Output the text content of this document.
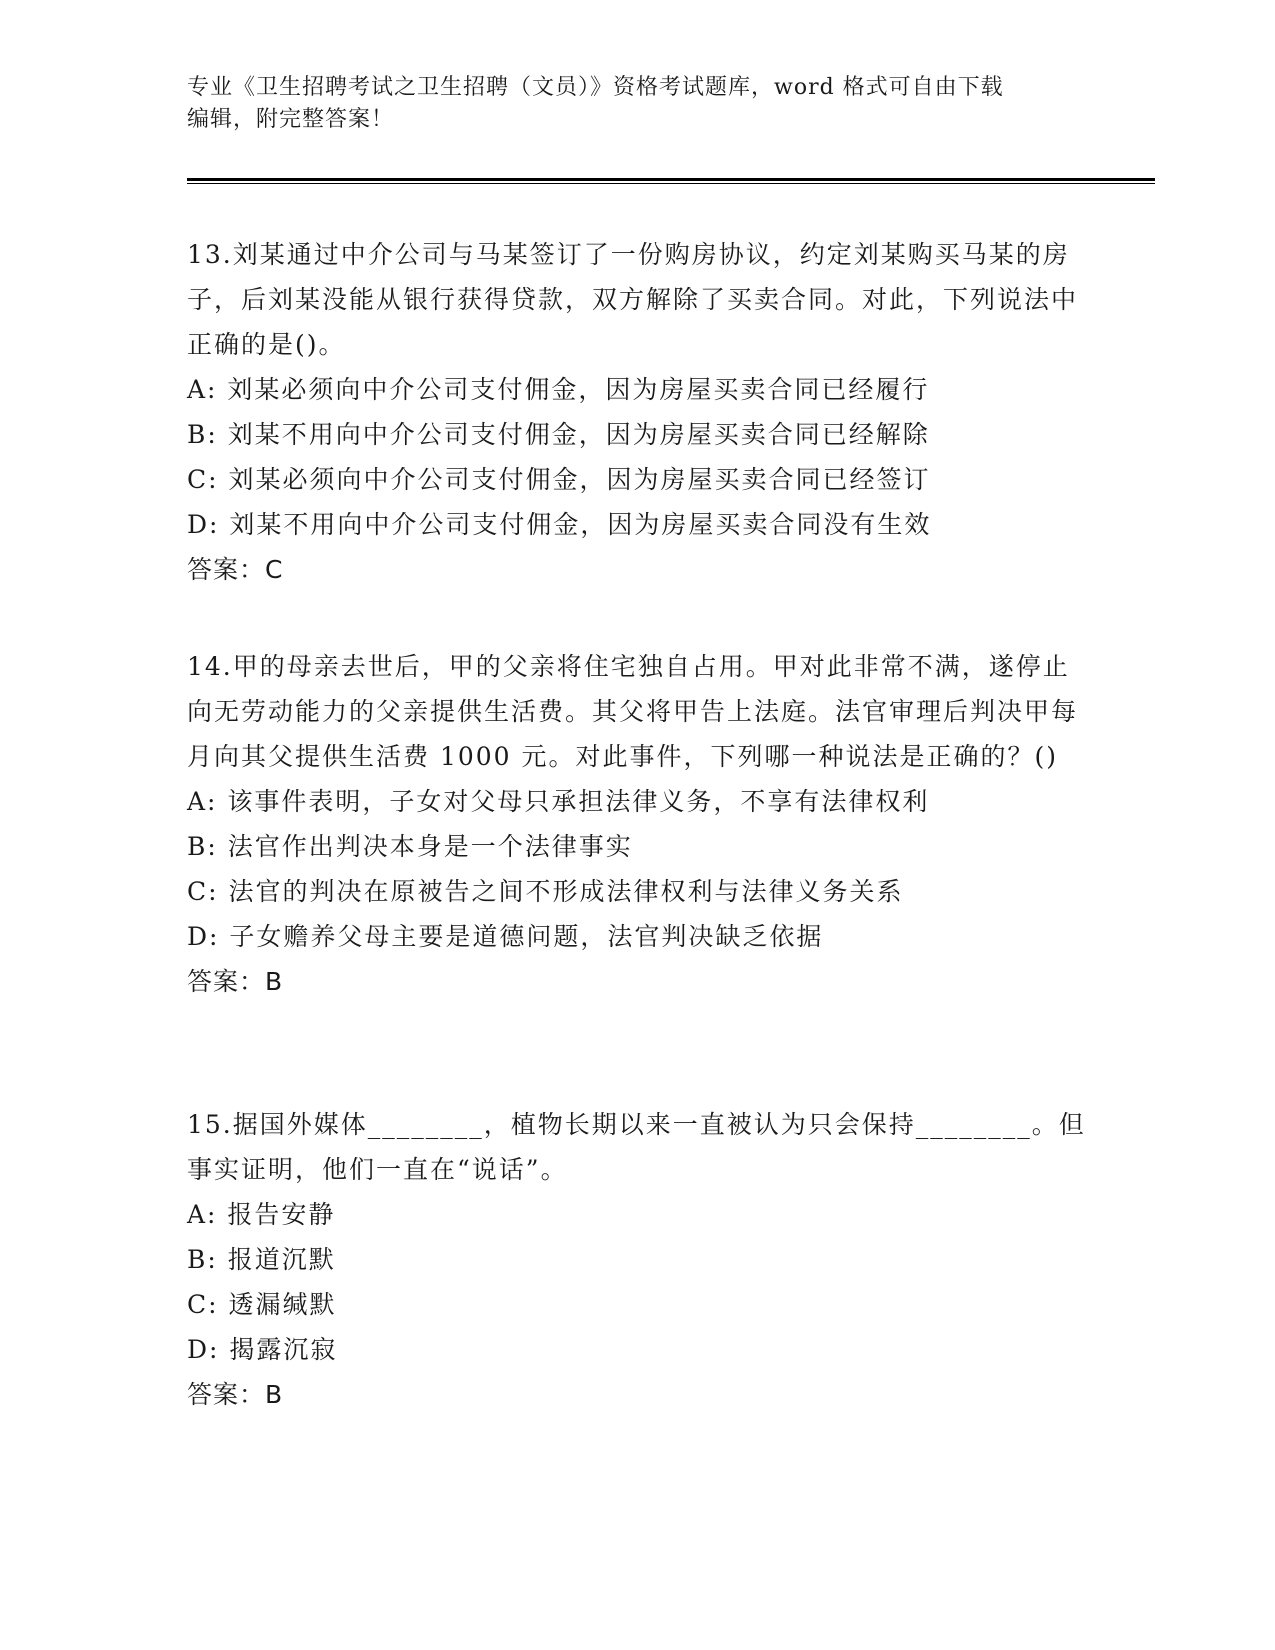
专业《卫生招聘考试之卫生招聘（文员）》资格考试题库，word 格式可自由下载
编辑，附完整答案！
13.刘某通过中介公司与马某签订了一份购房协议，约定刘某购买马某的房子，后刘某没能从银行获得贷款，双方解除了买卖合同。对此，下列说法中正确的是()。
A: 刘某必须向中介公司支付佣金，因为房屋买卖合同已经履行
B: 刘某不用向中介公司支付佣金，因为房屋买卖合同已经解除
C: 刘某必须向中介公司支付佣金，因为房屋买卖合同已经签订
D: 刘某不用向中介公司支付佣金，因为房屋买卖合同没有生效
答案：C
14.甲的母亲去世后，甲的父亲将住宅独自占用。甲对此非常不满，遂停止向无劳动能力的父亲提供生活费。其父将甲告上法庭。法官审理后判决甲每月向其父提供生活费 1000 元。对此事件，下列哪一种说法是正确的？()
A: 该事件表明，子女对父母只承担法律义务，不享有法律权利
B: 法官作出判决本身是一个法律事实
C: 法官的判决在原被告之间不形成法律权利与法律义务关系
D: 子女赡养父母主要是道德问题，法官判决缺乏依据
答案：B
15.据国外媒体________，植物长期以来一直被认为只会保持________。但事实证明，他们一直在“说话”。
A: 报告安静
B: 报道沉默
C: 透漏缄默
D: 揭露沉寂
答案：B
